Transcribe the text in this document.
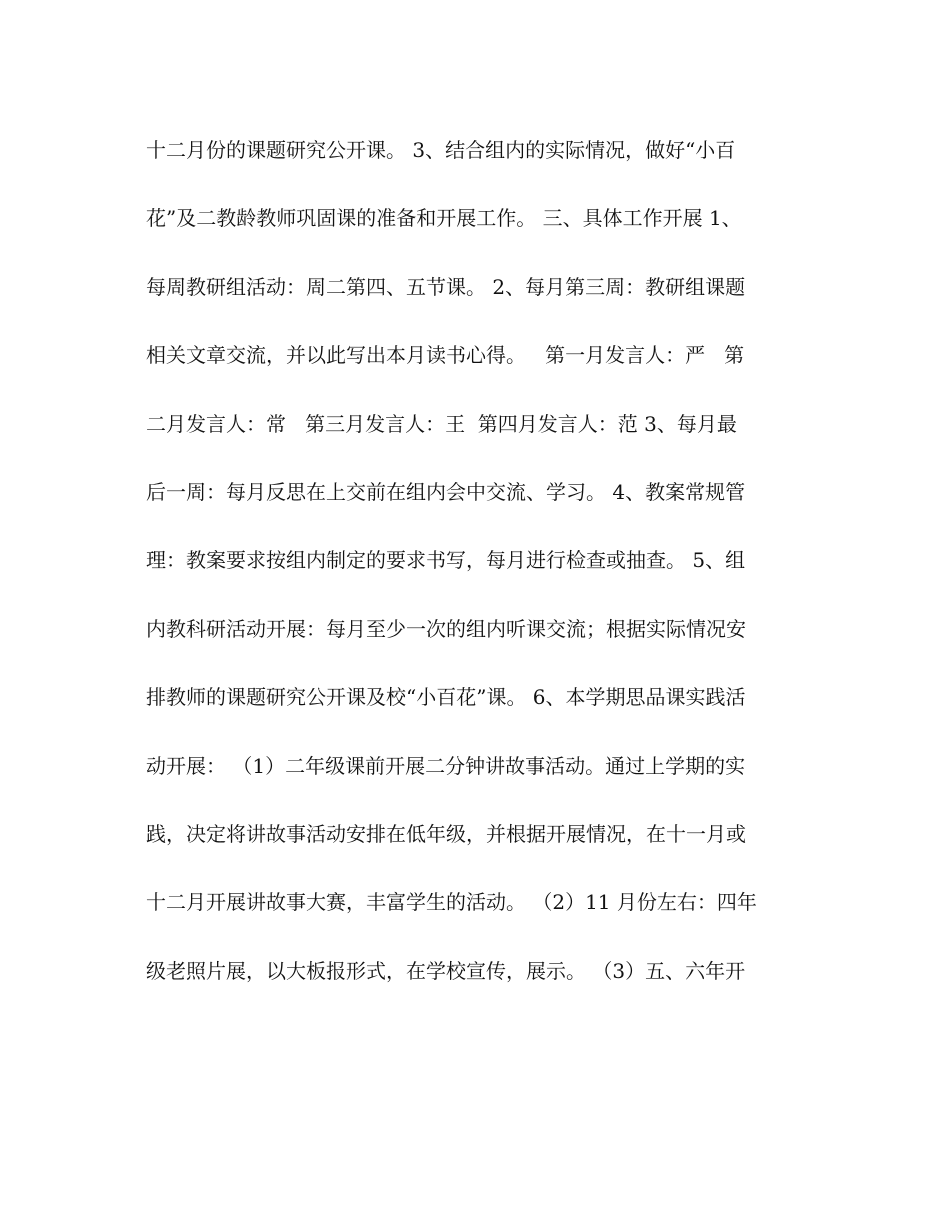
十二月份的课题研究公开课。 3、结合组内的实际情况，做好“小百
花”及二教龄教师巩固课的准备和开展工作。 三、具体工作开展 1、
每周教研组活动：周二第四、五节课。 2、每月第三周：教研组课题
相关文章交流，并以此写出本月读书心得。   第一月发言人：严   第
二月发言人：常   第三月发言人：王  第四月发言人：范 3、每月最
后一周：每月反思在上交前在组内会中交流、学习。 4、教案常规管
理：教案要求按组内制定的要求书写，每月进行检查或抽查。 5、组
内教科研活动开展：每月至少一次的组内听课交流；根据实际情况安
排教师的课题研究公开课及校“小百花”课。 6、本学期思品课实践活
动开展： （1）二年级课前开展二分钟讲故事活动。通过上学期的实
践，决定将讲故事活动安排在低年级，并根据开展情况，在十一月或
十二月开展讲故事大赛，丰富学生的活动。 （2）11 月份左右：四年
级老照片展，以大板报形式，在学校宣传，展示。 （3）五、六年开
